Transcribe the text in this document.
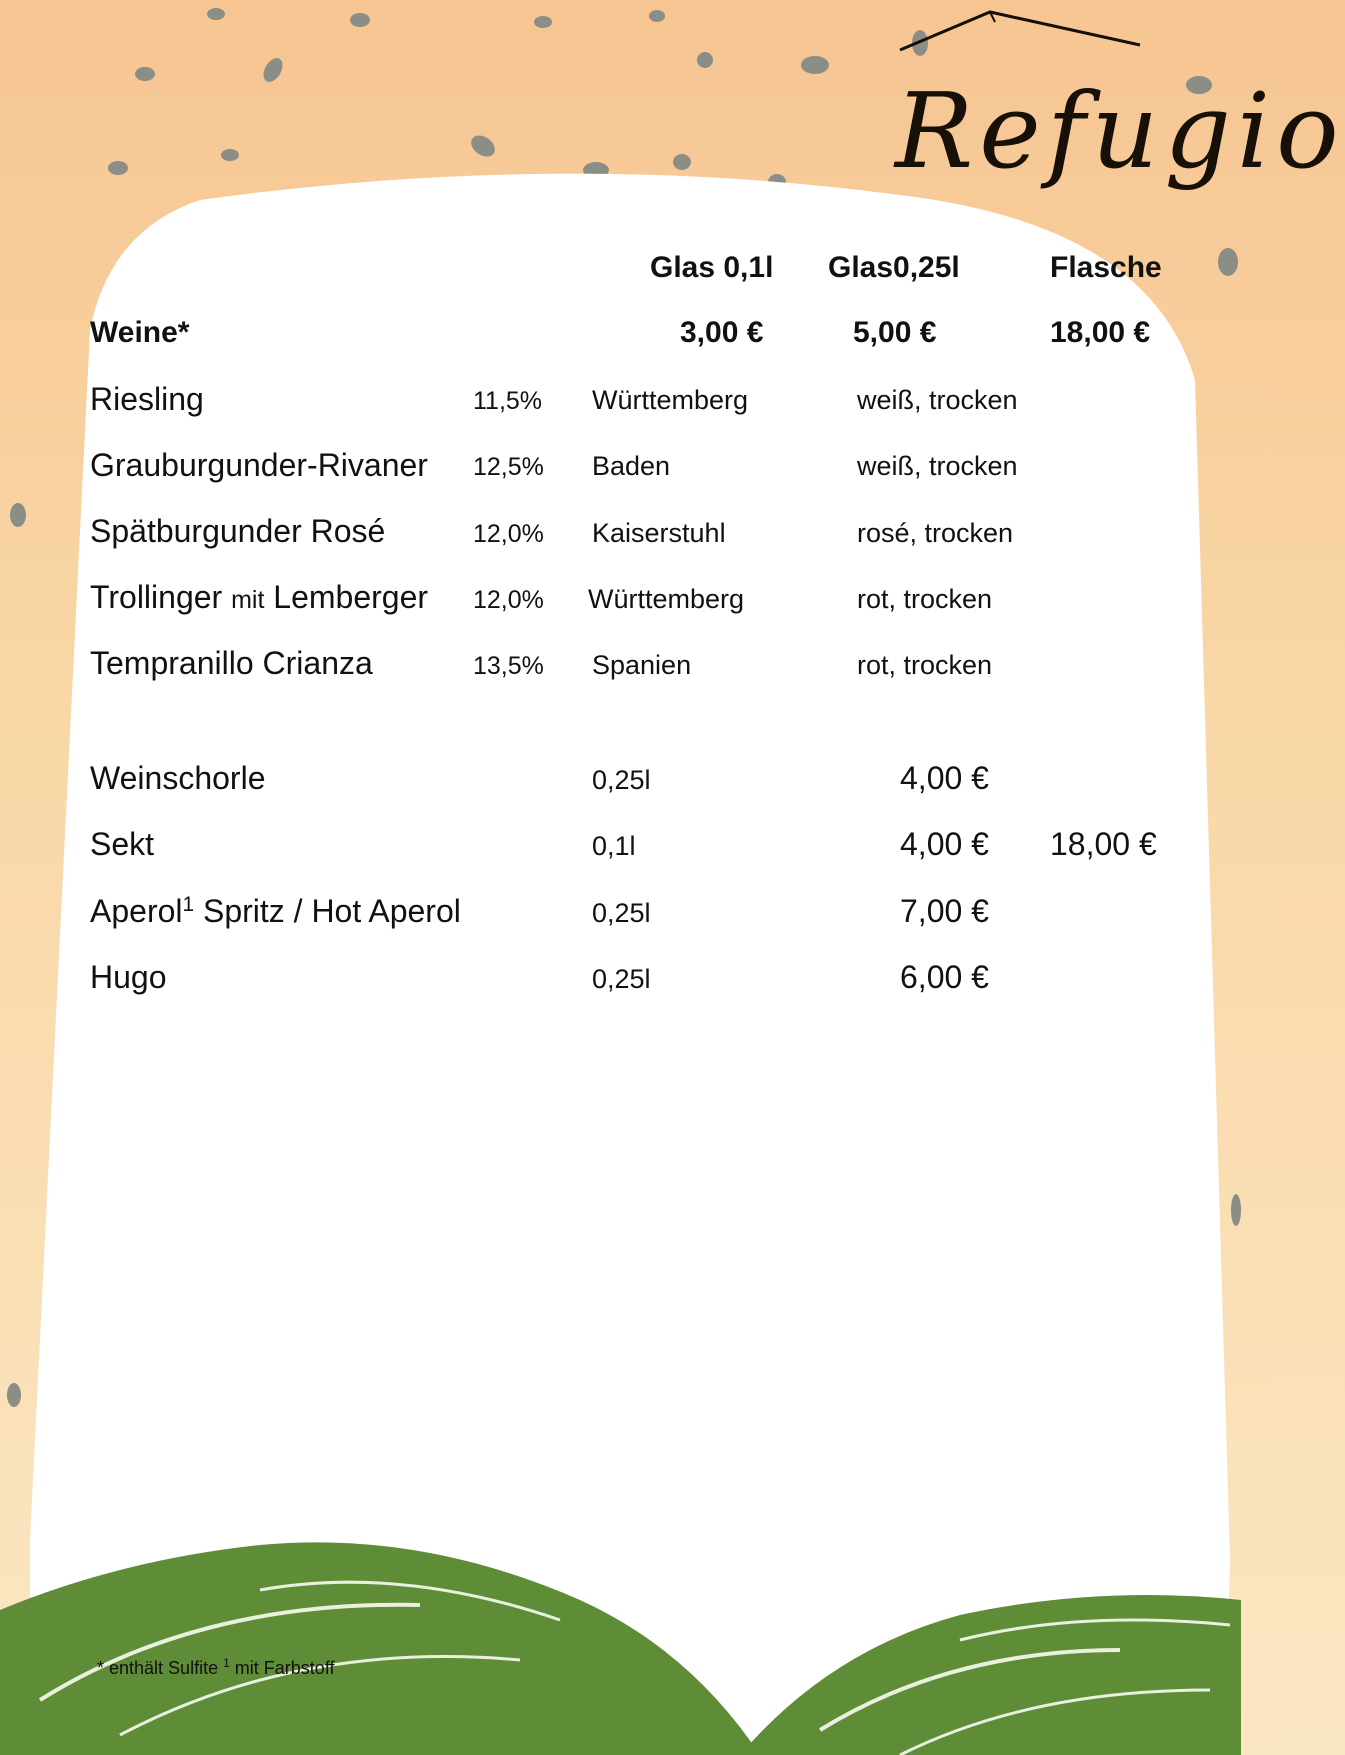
Refugio
Glas 0,1l Glas0,25l	Flasche
Weine*	3,00 €	5,00 €	18,00 €
Riesling	11,5% Württemberg	weiß, trocken
Grauburgunder-Rivaner 12,5% Baden	weiß, trocken
Spätburgunder Rosé	12,0% Kaiserstuhl	rosé, trocken
Trollinger mit Lemberger 12,0% Württemberg	rot, trocken
Tempranillo Crianza	13,5% Spanien	rot, trocken
Weinschorle	0,25l	4,00 €
Sekt	0,1l	4,00 € 18,00 €
Aperol$^1$ Spritz / Hot Aperol	0,25l	7,00 €
Hugo	0,25l	6,00 €
* enthält Sulfite $^1$ mit Farbstoff
